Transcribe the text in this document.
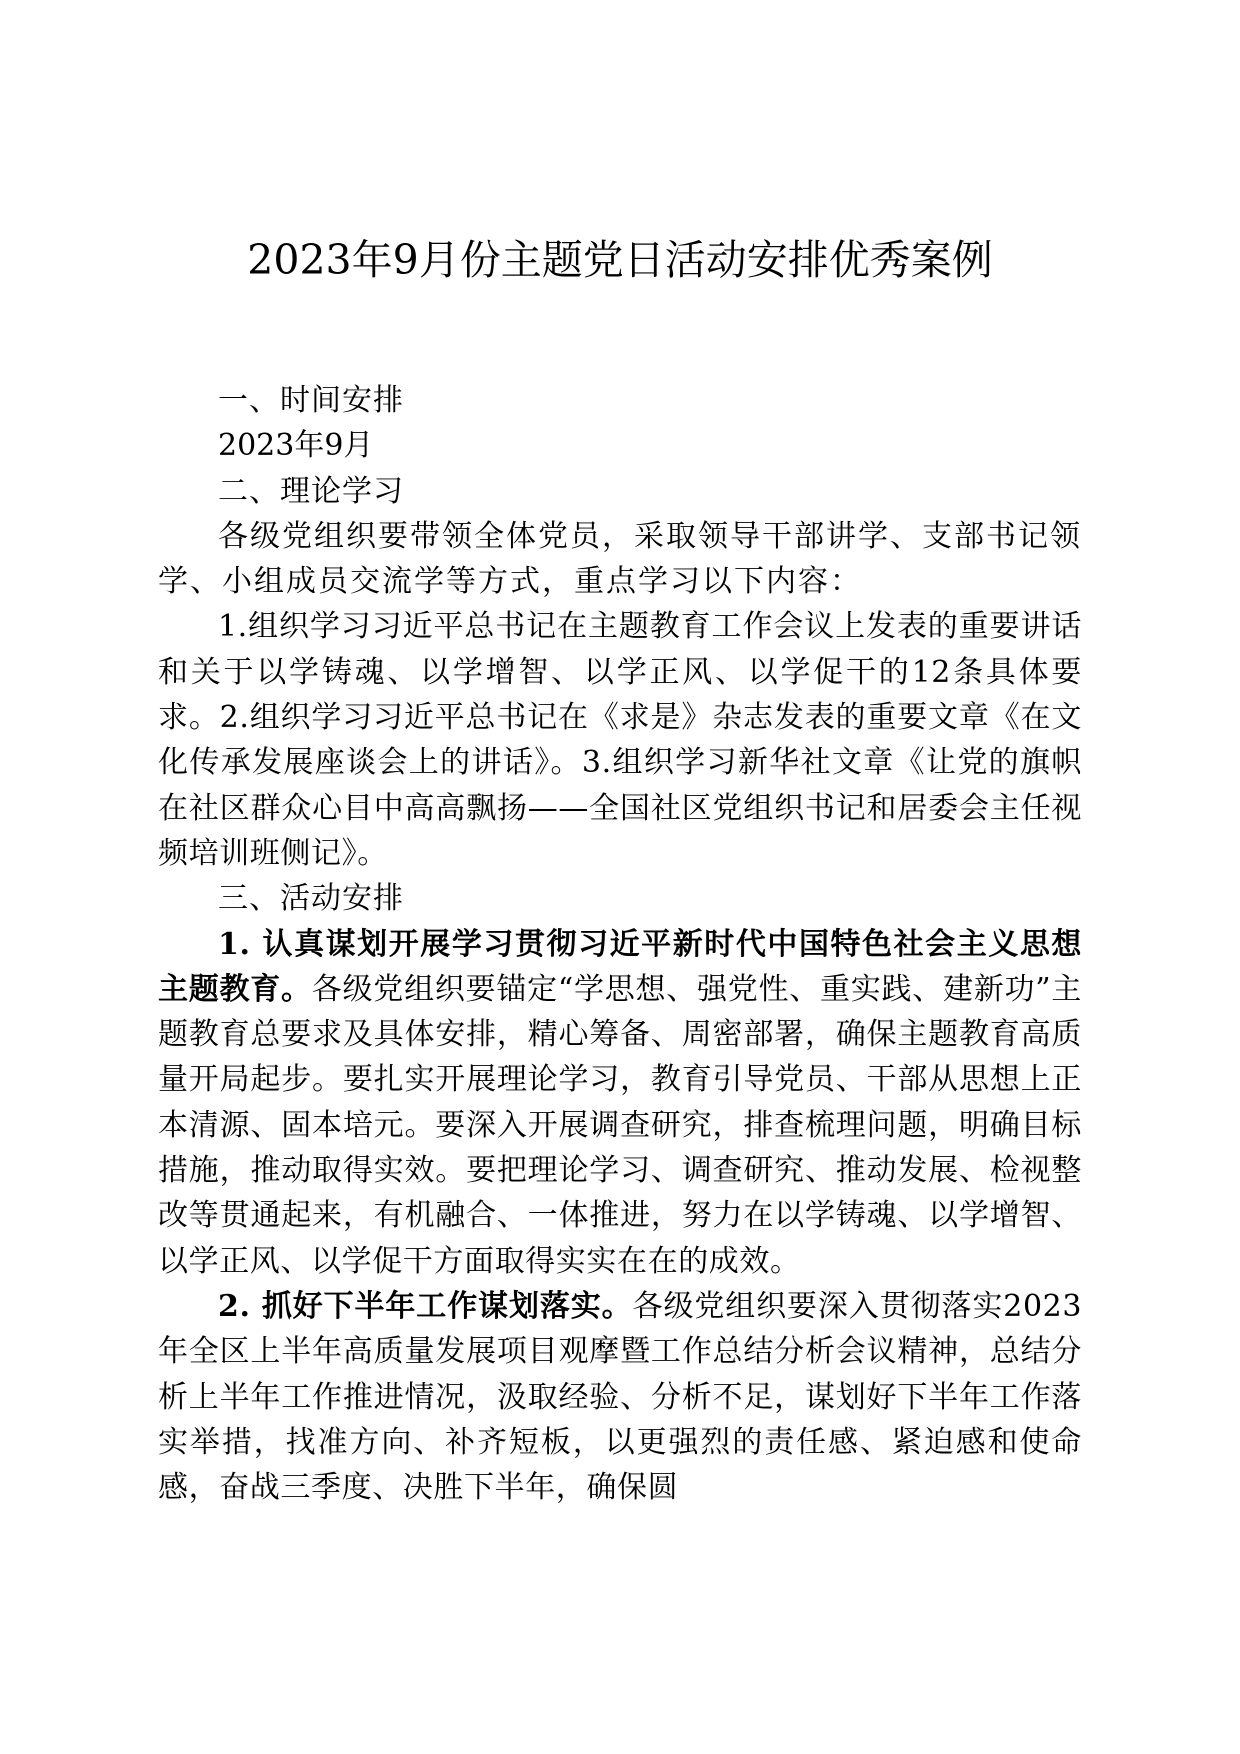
2023年9月份主题党日活动安排优秀案例
一、时间安排

2023年9月

二、理论学习

各级党组织要带领全体党员，采取领导干部讲学、支部书记领学、小组成员交流学等方式，重点学习以下内容：

1.组织学习习近平总书记在主题教育工作会议上发表的重要讲话和关于以学铸魂、以学增智、以学正风、以学促干的12条具体要求。2.组织学习习近平总书记在《求是》杂志发表的重要文章《在文化传承发展座谈会上的讲话》。3.组织学习新华社文章《让党的旗帜在社区群众心目中高高飘扬——全国社区党组织书记和居委会主任视频培训班侧记》。

三、活动安排

1. 认真谋划开展学习贯彻习近平新时代中国特色社会主义思想主题教育。各级党组织要锚定“学思想、强党性、重实践、建新功”主题教育总要求及具体安排，精心筹备、周密部署，确保主题教育高质量开局起步。要扎实开展理论学习，教育引导党员、干部从思想上正本清源、固本培元。要深入开展调查研究，排查梳理问题，明确目标措施，推动取得实效。要把理论学习、调查研究、推动发展、检视整改等贯通起来，有机融合、一体推进，努力在以学铸魂、以学增智、以学正风、以学促干方面取得实实在在的成效。

2. 抓好下半年工作谋划落实。各级党组织要深入贯彻落实2023年全区上半年高质量发展项目观摩暨工作总结分析会议精神，总结分析上半年工作推进情况，汲取经验、分析不足，谋划好下半年工作落实举措，找准方向、补齐短板，以更强烈的责任感、紧迫感和使命感，奋战三季度、决胜下半年，确保圆
